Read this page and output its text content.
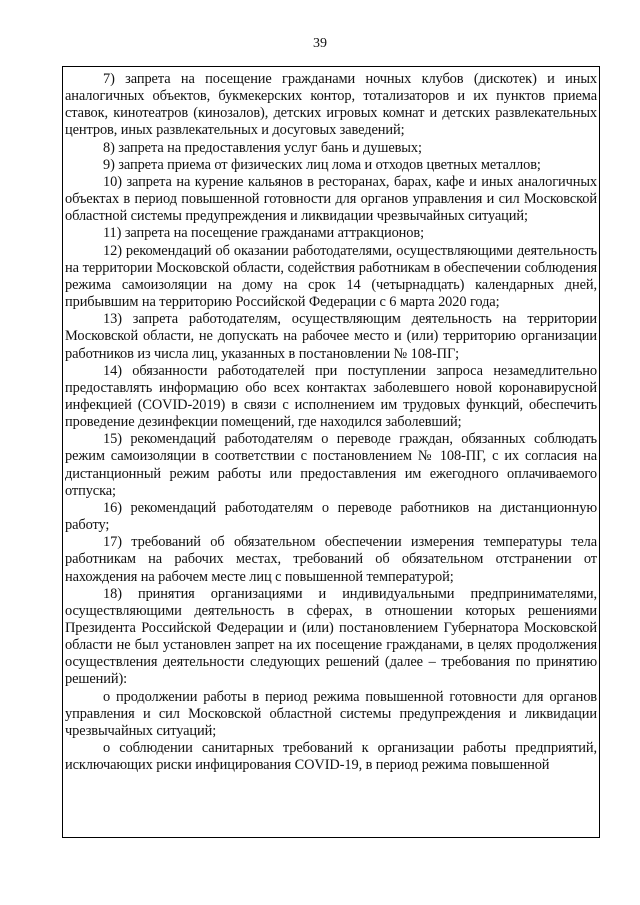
39

7) запрета на посещение гражданами ночных клубов (дискотек) и иных аналогичных объектов, букмекерских контор, тотализаторов и их пунктов приема ставок, кинотеатров (кинозалов), детских игровых комнат и детских развлекательных центров, иных развлекательных и досуговых заведений;

8) запрета на предоставления услуг бань и душевых;

9) запрета приема от физических лиц лома и отходов цветных металлов;

10) запрета на курение кальянов в ресторанах, барах, кафе и иных аналогичных объектах в период повышенной готовности для органов управления и сил Московской областной системы предупреждения и ликвидации чрезвычайных ситуаций;

11) запрета на посещение гражданами аттракционов;

12) рекомендаций об оказании работодателями, осуществляющими деятельность на территории Московской области, содействия работникам в обеспечении соблюдения режима самоизоляции на дому на срок 14 (четырнадцать) календарных дней, прибывшим на территорию Российской Федерации с 6 марта 2020 года;

13) запрета работодателям, осуществляющим деятельность на территории Московской области, не допускать на рабочее место и (или) территорию организации работников из числа лиц, указанных в постановлении № 108-ПГ;

14) обязанности работодателей при поступлении запроса незамедлительно предоставлять информацию обо всех контактах заболевшего новой коронавирусной инфекцией (COVID-2019) в связи с исполнением им трудовых функций, обеспечить проведение дезинфекции помещений, где находился заболевший;

15) рекомендаций работодателям о переводе граждан, обязанных соблюдать режим самоизоляции в соответствии с постановлением № 108-ПГ, с их согласия на дистанционный режим работы или предоставления им ежегодного оплачиваемого отпуска;

16) рекомендаций работодателям о переводе работников на дистанционную работу;

17) требований об обязательном обеспечении измерения температуры тела работникам на рабочих местах, требований об обязательном отстранении от нахождения на рабочем месте лиц с повышенной температурой;

18) принятия организациями и индивидуальными предпринимателями, осуществляющими деятельность в сферах, в отношении которых решениями Президента Российской Федерации и (или) постановлением Губернатора Московской области не был установлен запрет на их посещение гражданами, в целях продолжения осуществления деятельности следующих решений (далее – требования по принятию решений):

о продолжении работы в период режима повышенной готовности для органов управления и сил Московской областной системы предупреждения и ликвидации чрезвычайных ситуаций;

о соблюдении санитарных требований к организации работы предприятий, исключающих риски инфицирования COVID-19, в период режима повышенной
